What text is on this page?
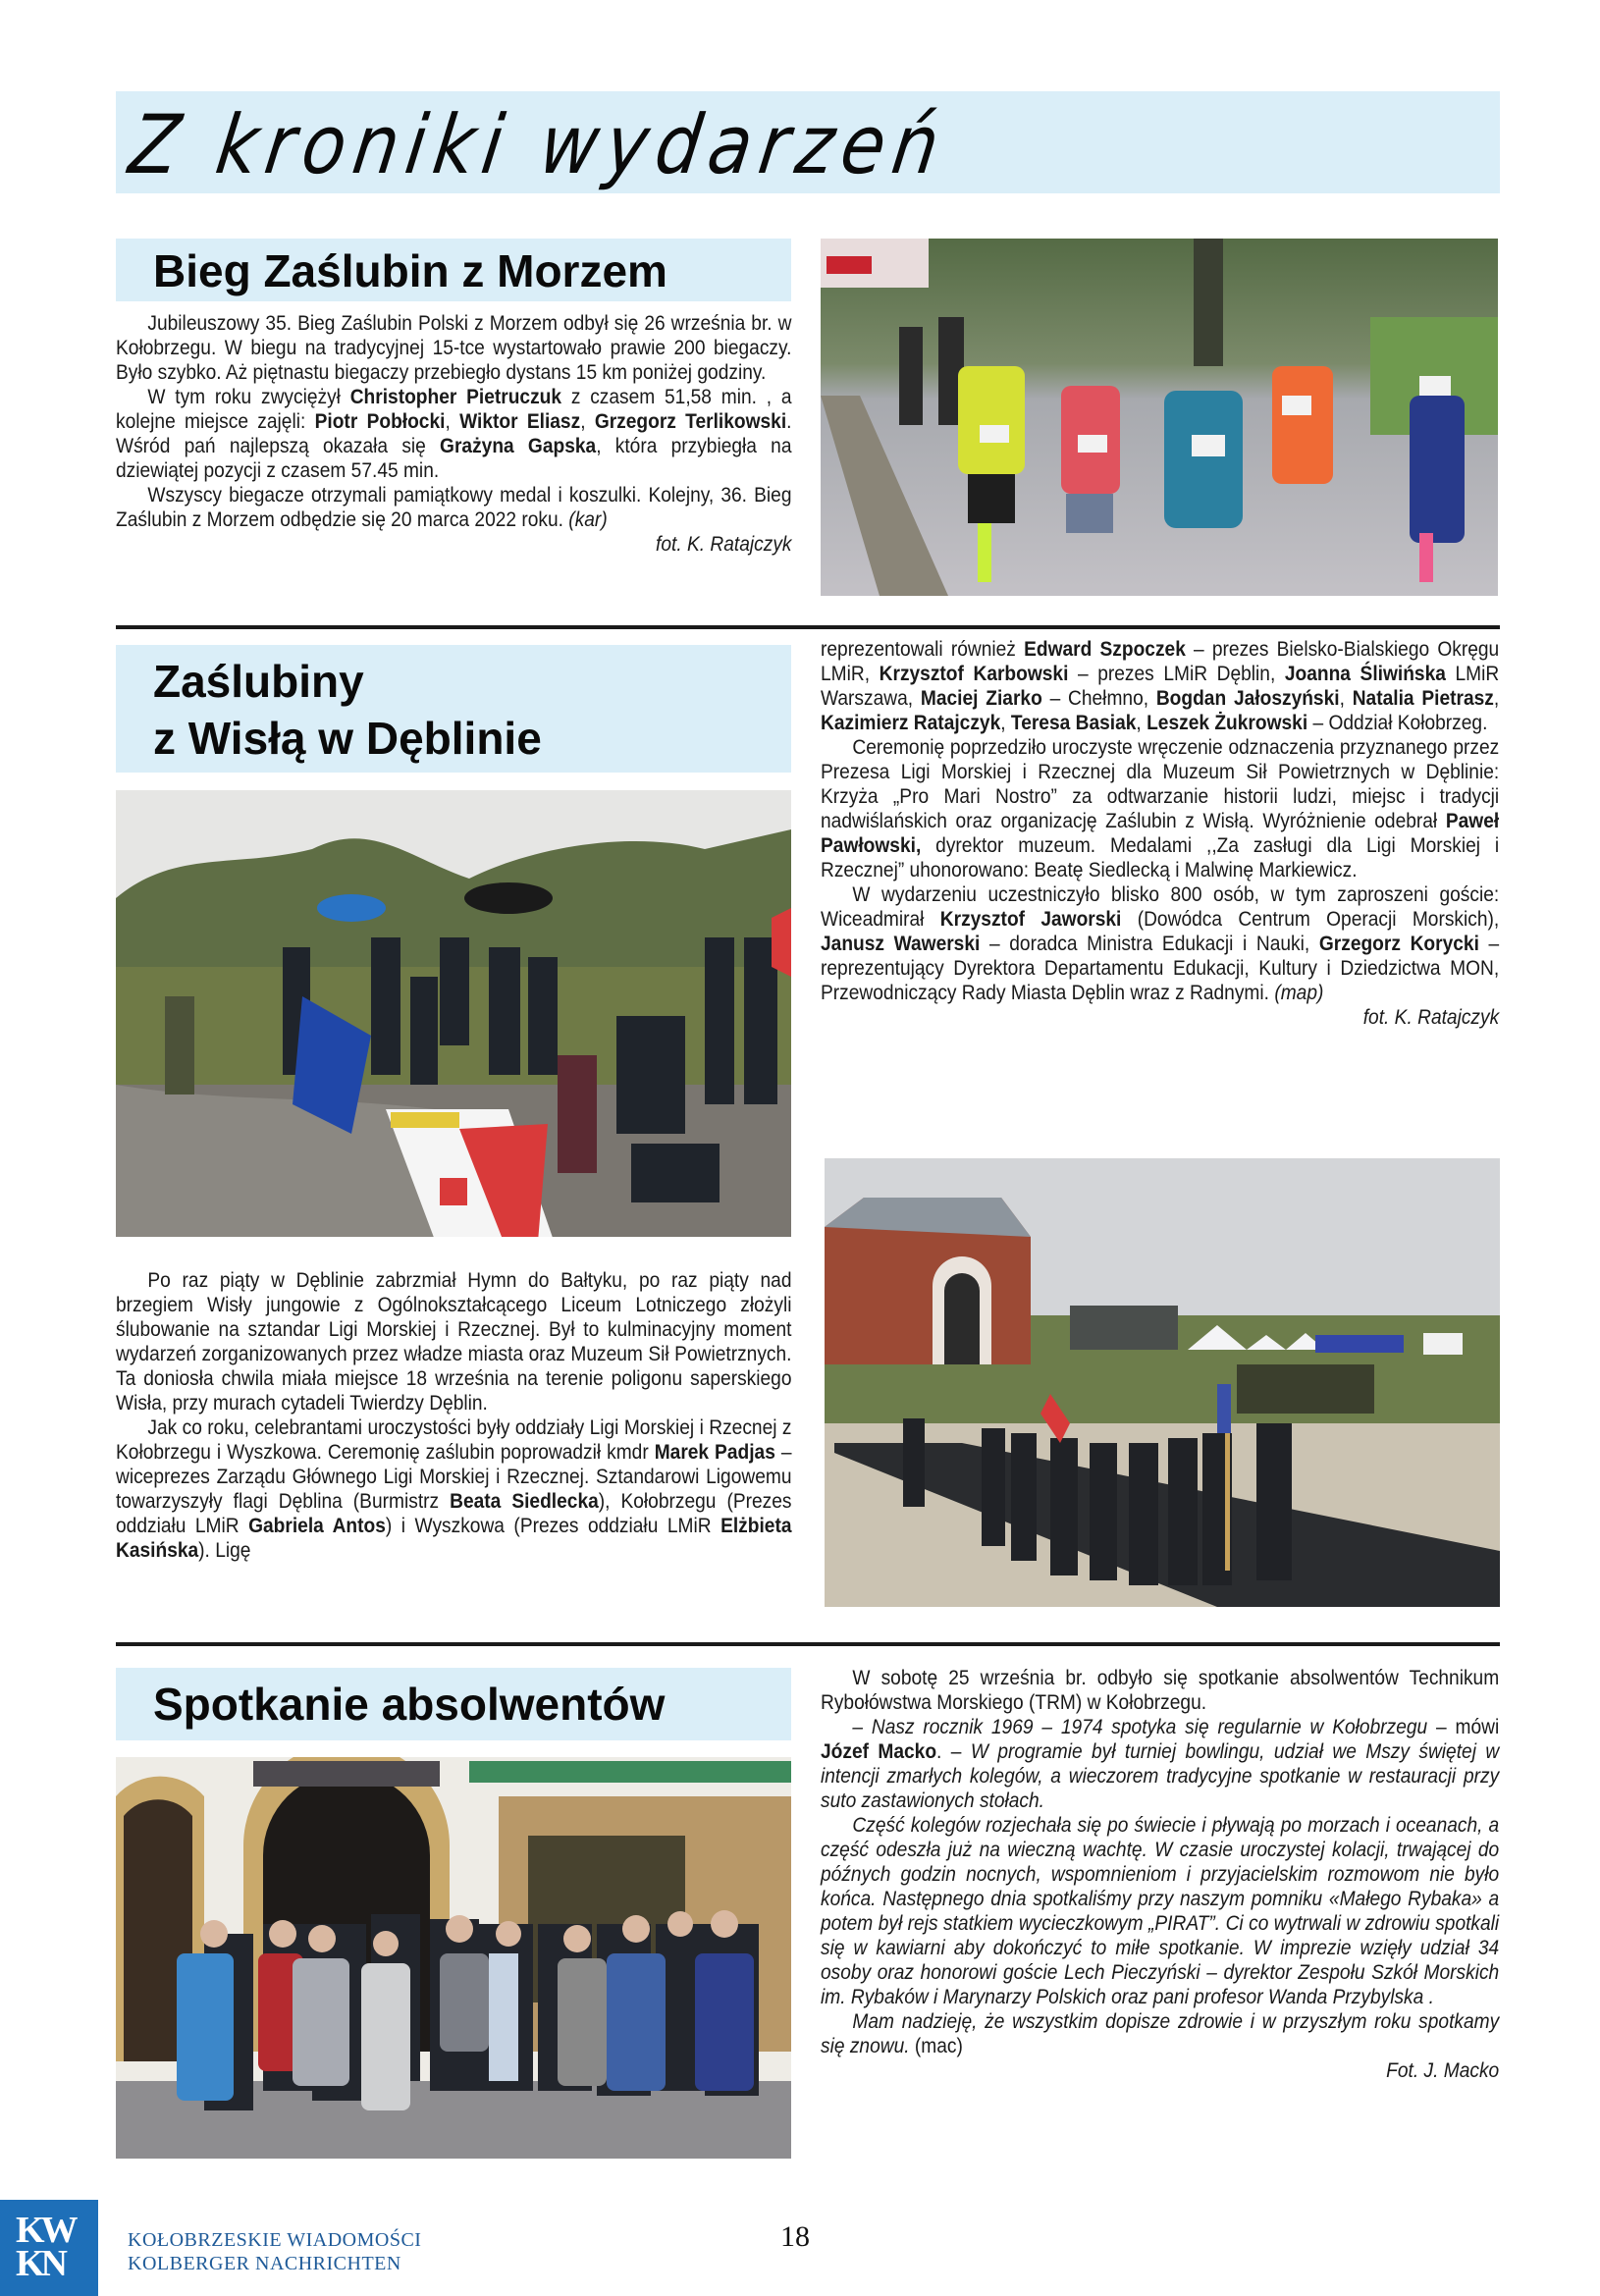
Z kroniki wydarzeń
Bieg Zaślubin z Morzem

Jubileuszowy 35. Bieg Zaślubin Polski z Morzem odbył się 26 września br. w Kołobrzegu. W biegu na tradycyjnej 15-tce wystartowało prawie 200 biegaczy. Było szybko. Aż piętnastu biegaczy przebiegło dystans 15 km poniżej godziny.

W tym roku zwyciężył Christopher Pietruczuk z czasem 51,58 min. , a kolejne miejsce zajęli: Piotr Pobłocki, Wiktor Eliasz, Grzegorz Terlikowski. Wśród pań najlepszą okazała się Grażyna Gapska, która przybiegła na dziewiątej pozycji z czasem 57.45 min.

Wszyscy biegacze otrzymali pamiątkowy medal i koszulki. Kolejny, 36. Bieg Zaślubin z Morzem odbędzie się 20 marca 2022 roku. (kar)

fot. K. Ratajczyk

Zaślubiny
z Wisłą w Dęblinie

Po raz piąty w Dęblinie zabrzmiał Hymn do Bałtyku, po raz piąty nad brzegiem Wisły jungowie z Ogólnokształcącego Liceum Lotniczego złożyli ślubowanie na sztandar Ligi Morskiej i Rzecznej. Był to kulminacyjny moment wydarzeń zorganizowanych przez władze miasta oraz Muzeum Sił Powietrznych. Ta doniosła chwila miała miejsce 18 września na terenie poligonu saperskiego Wisła, przy murach cytadeli Twierdzy Dęblin.

Jak co roku, celebrantami uroczystości były oddziały Ligi Morskiej i Rzecnej z Kołobrzegu i Wyszkowa. Ceremonię zaślubin poprowadził kmdr Marek Padjas – wiceprezes Zarządu Głównego Ligi Morskiej i Rzecznej. Sztandarowi Ligowemu towarzyszyły flagi Dęblina (Burmistrz Beata Siedlecka), Kołobrzegu (Prezes oddziału LMiR Gabriela Antos) i Wyszkowa (Prezes oddziału LMiR Elżbieta Kasińska). Ligę

reprezentowali również Edward Szpoczek – prezes Bielsko-Bialskiego Okręgu LMiR, Krzysztof Karbowski – prezes LMiR Dęblin, Joanna Śliwińska LMiR Warszawa, Maciej Ziarko – Chełmno, Bogdan Jałoszyński, Natalia Pietrasz, Kazimierz Ratajczyk, Teresa Basiak, Leszek Żukrowski – Oddział Kołobrzeg.

Ceremonię poprzedziło uroczyste wręczenie odznaczenia przyznanego przez Prezesa Ligi Morskiej i Rzecznej dla Muzeum Sił Powietrznych w Dęblinie: Krzyża „Pro Mari Nostro” za odtwarzanie historii ludzi, miejsc i tradycji nadwiślańskich oraz organizację Zaślubin z Wisłą. Wyróżnienie odebrał Paweł Pawłowski, dyrektor muzeum. Medalami ,,Za zasługi dla Ligi Morskiej i Rzecznej” uhonorowano: Beatę Siedlecką i Malwinę Markiewicz.

W wydarzeniu uczestniczyło blisko 800 osób, w tym zaproszeni goście: Wiceadmirał Krzysztof Jaworski (Dowódca Centrum Operacji Morskich), Janusz Wawerski – doradca Ministra Edukacji i Nauki, Grzegorz Korycki – reprezentujący Dyrektora Departamentu Edukacji, Kultury i Dziedzictwa MON, Przewodniczący Rady Miasta Dęblin wraz z Radnymi. (map)

fot. K. Ratajczyk

Spotkanie absolwentów

W sobotę 25 września br. odbyło się spotkanie absolwentów Technikum Rybołówstwa Morskiego (TRM) w Kołobrzegu.

– Nasz rocznik 1969 – 1974 spotyka się regularnie w Kołobrzegu – mówi Józef Macko. – W programie był turniej bowlingu, udział we Mszy świętej w intencji zmarłych kolegów, a wieczorem tradycyjne spotkanie w restauracji przy suto zastawionych stołach.

Część kolegów rozjechała się po świecie i pływają po morzach i oceanach, a część odeszła już na wieczną wachtę. W czasie uroczystej kolacji, trwającej do późnych godzin nocnych, wspomnieniom i przyjacielskim rozmowom nie było końca. Następnego dnia spotkaliśmy przy naszym pomniku «Małego Rybaka» a potem był rejs statkiem wycieczkowym „PIRAT”. Ci co wytrwali w zdrowiu spotkali się w kawiarni aby dokończyć to miłe spotkanie. W imprezie wzięły udział 34 osoby oraz honorowi goście Lech Pieczyński – dyrektor Zespołu Szkół Morskich im. Rybaków i Marynarzy Polskich oraz pani profesor Wanda Przybylska .

Mam nadzieję, że wszystkim dopisze zdrowie i w przyszłym roku spotkamy się znowu. (mac)

Fot. J. Macko

KW
KN
KOŁOBRZESKIE WIADOMOŚCI
KOLBERGER NACHRICHTEN
18
